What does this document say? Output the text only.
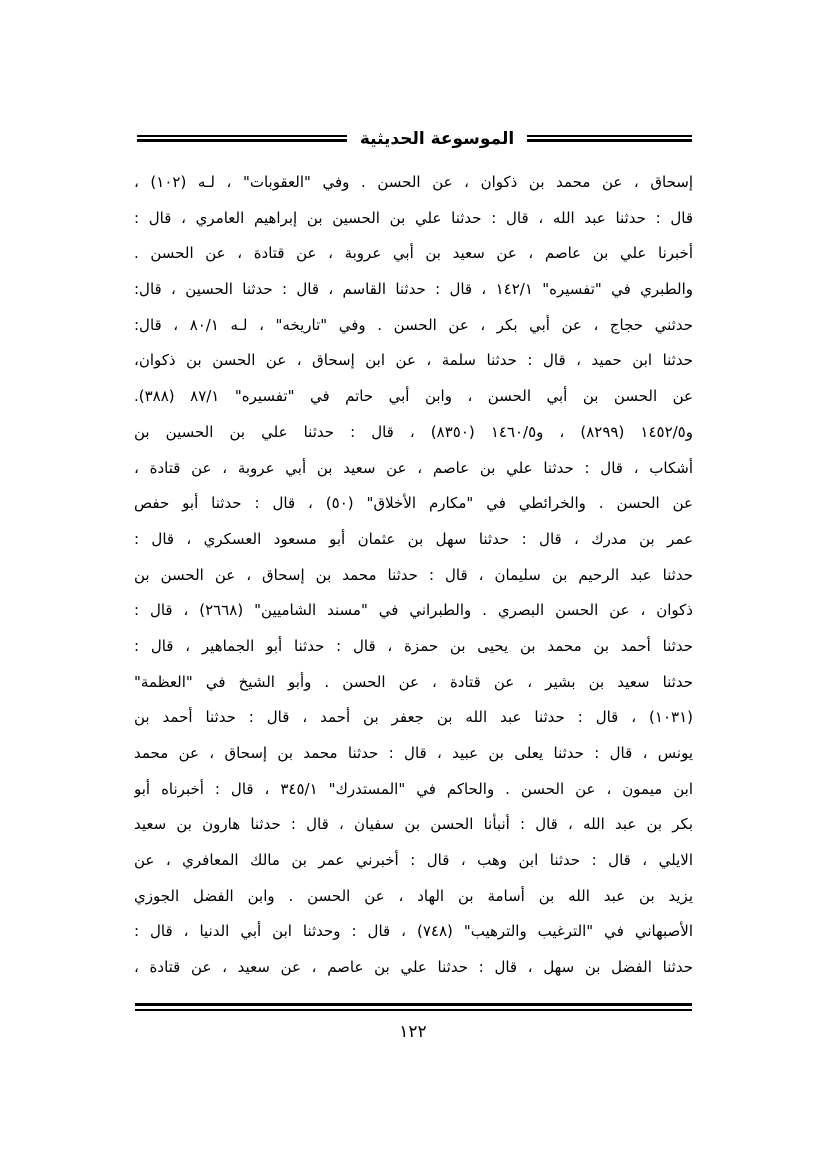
الموسوعة الحديثية
إسحاق ، عن محمد بن ذكوان ، عن الحسن . وفي "العقوبات" ، لـه (١٠٢) ،
قال : حدثنا عبد الله ، قال : حدثنا علي بن الحسين بن إبراهيم العامري ، قال :
أخبرنا علي بن عاصم ، عن سعيد بن أبي عروبة ، عن قتادة ، عن الحسن .
والطبري في "تفسيره" ١٤٢/١ ، قال : حدثنا القاسم ، قال : حدثنا الحسين ، قال:
حدثني حجاج ، عن أبي بكر ، عن الحسن . وفي "تاريخه" ، لـه ٨٠/١ ، قال:
حدثنا ابن حميد ، قال : حدثنا سلمة ، عن ابن إسحاق ، عن الحسن بن ذكوان،
عن الحسن بن أبي الحسن ، وابن أبي حاتم في "تفسيره" ٨٧/١ (٣٨٨).
و١٤٥٢/٥ (٨٢٩٩) ، و١٤٦٠/٥ (٨٣٥٠) ، قال : حدثنا علي بن الحسين بن
أشكاب ، قال : حدثنا علي بن عاصم ، عن سعيد بن أبي عروبة ، عن قتادة ،
عن الحسن . والخرائطي في "مكارم الأخلاق" (٥٠) ، قال : حدثنا أبو حفص
عمر بن مدرك ، قال : حدثنا سهل بن عثمان أبو مسعود العسكري ، قال :
حدثنا عبد الرحيم بن سليمان ، قال : حدثنا محمد بن إسحاق ، عن الحسن بن
ذكوان ، عن الحسن البصري . والطبراني في "مسند الشاميين" (٢٦٦٨) ، قال :
حدثنا أحمد بن محمد بن يحيى بن حمزة ، قال : حدثنا أبو الجماهير ، قال :
حدثنا سعيد بن بشير ، عن قتادة ، عن الحسن . وأبو الشيخ في "العظمة"
(١٠٣١) ، قال : حدثنا عبد الله بن جعفر بن أحمد ، قال : حدثنا أحمد بن
يونس ، قال : حدثنا يعلى بن عبيد ، قال : حدثنا محمد بن إسحاق ، عن محمد
ابن ميمون ، عن الحسن . والحاكم في "المستدرك" ٣٤٥/١ ، قال : أخبرناه أبو
بكر بن عبد الله ، قال : أنبأنا الحسن بن سفيان ، قال : حدثنا هارون بن سعيد
الايلي ، قال : حدثنا ابن وهب ، قال : أخبرني عمر بن مالك المعافري ، عن
يزيد بن عبد الله بن أسامة بن الهاد ، عن الحسن . وابن الفضل الجوزي
الأصبهاني في "الترغيب والترهيب" (٧٤٨) ، قال : وحدثنا ابن أبي الدنيا ، قال :
حدثنا الفضل بن سهل ، قال : حدثنا علي بن عاصم ، عن سعيد ، عن قتادة ،
١٢٢
